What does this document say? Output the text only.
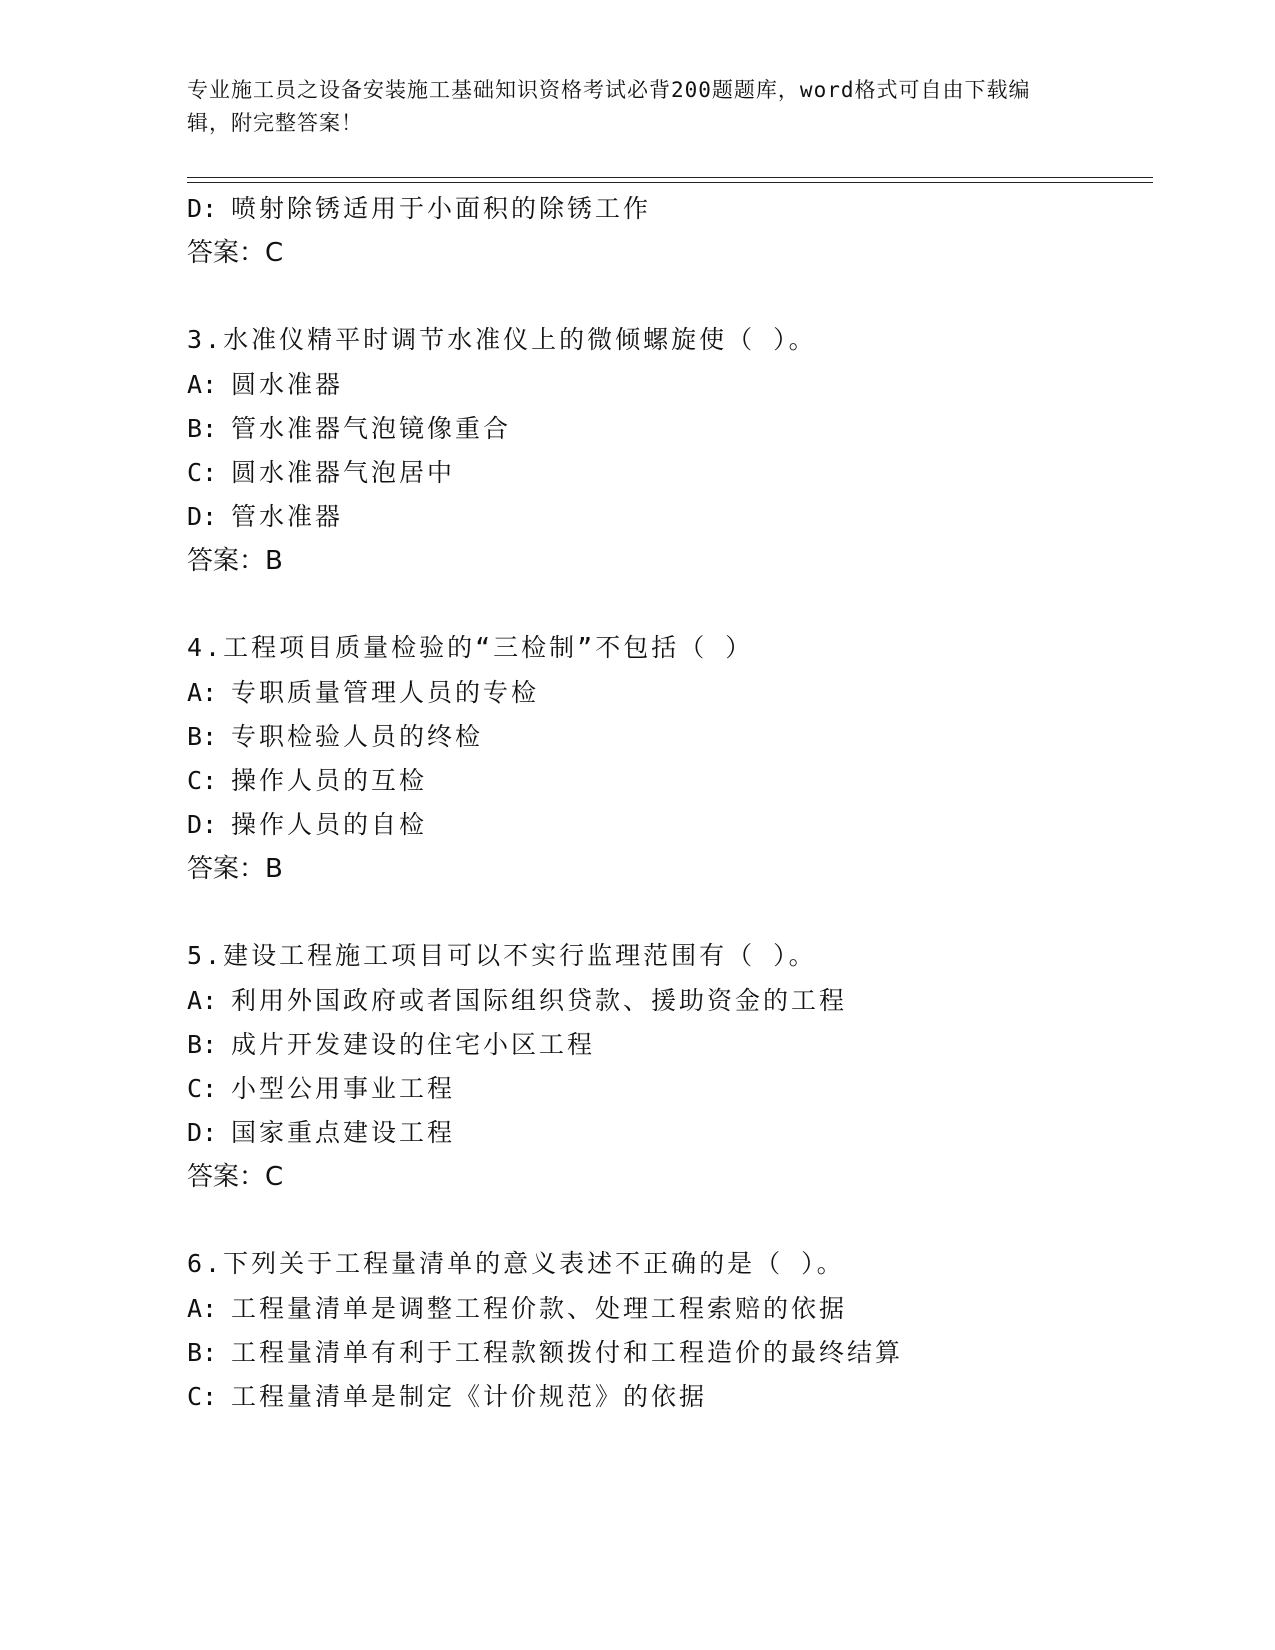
专业施工员之设备安装施工基础知识资格考试必背200题题库，word格式可自由下载编辑，附完整答案！
D: 喷射除锈适用于小面积的除锈工作
答案：C
3.水准仪精平时调节水准仪上的微倾螺旋使（ ）。
A: 圆水准器
B: 管水准器气泡镜像重合
C: 圆水准器气泡居中
D: 管水准器
答案：B
4.工程项目质量检验的“三检制”不包括（ ）
A: 专职质量管理人员的专检
B: 专职检验人员的终检
C: 操作人员的互检
D: 操作人员的自检
答案：B
5.建设工程施工项目可以不实行监理范围有（ ）。
A: 利用外国政府或者国际组织贷款、援助资金的工程
B: 成片开发建设的住宅小区工程
C: 小型公用事业工程
D: 国家重点建设工程
答案：C
6.下列关于工程量清单的意义表述不正确的是（ ）。
A: 工程量清单是调整工程价款、处理工程索赔的依据
B: 工程量清单有利于工程款额拨付和工程造价的最终结算
C: 工程量清单是制定《计价规范》的依据
